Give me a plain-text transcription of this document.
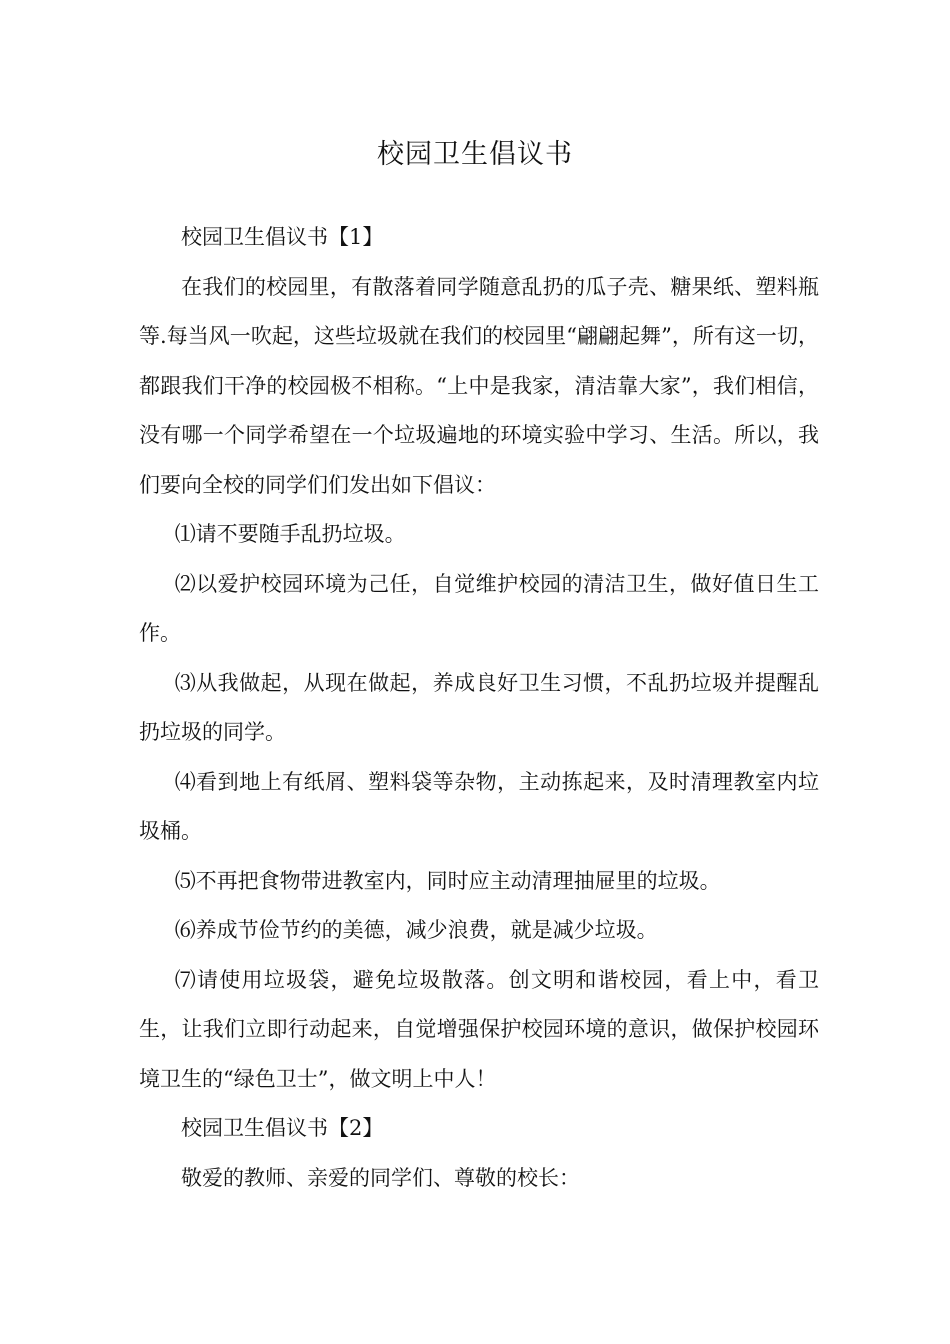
校园卫生倡议书

校园卫生倡议书【1】

在我们的校园里，有散落着同学随意乱扔的瓜子壳、糖果纸、塑料瓶等.每当风一吹起，这些垃圾就在我们的校园里“翩翩起舞”，所有这一切，都跟我们干净的校园极不相称。“上中是我家，清洁靠大家”，我们相信，没有哪一个同学希望在一个垃圾遍地的环境实验中学习、生活。所以，我们要向全校的同学们们发出如下倡议：

⑴请不要随手乱扔垃圾。

⑵以爱护校园环境为己任，自觉维护校园的清洁卫生，做好值日生工作。

⑶从我做起，从现在做起，养成良好卫生习惯，不乱扔垃圾并提醒乱扔垃圾的同学。

⑷看到地上有纸屑、塑料袋等杂物，主动拣起来，及时清理教室内垃圾桶。

⑸不再把食物带进教室内，同时应主动清理抽屉里的垃圾。

⑹养成节俭节约的美德，减少浪费，就是减少垃圾。

⑺请使用垃圾袋，避免垃圾散落。创文明和谐校园，看上中，看卫生，让我们立即行动起来，自觉增强保护校园环境的意识，做保护校园环境卫生的“绿色卫士”，做文明上中人！

校园卫生倡议书【2】

敬爱的教师、亲爱的同学们、尊敬的校长：
